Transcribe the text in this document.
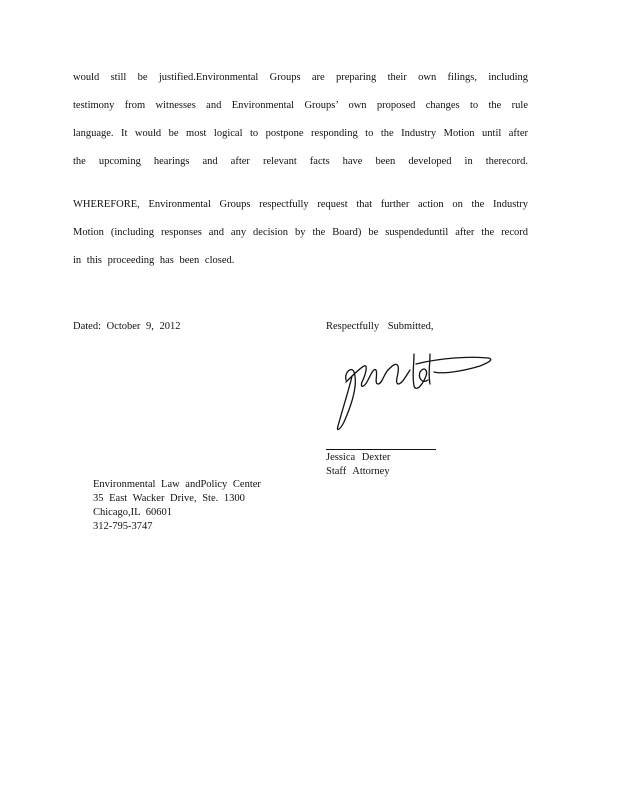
would still be justified.Environmental Groups are preparing their own filings, including
testimony from witnesses and Environmental Groups’ own proposed changes to the rule
language. It would be most logical to postpone responding to the Industry Motion until after
the upcoming hearings and after relevant facts have been developed in therecord.
WHEREFORE, Environmental Groups respectfully request that further action on the Industry
Motion (including responses and any decision by the Board) be suspendeduntil after the record
in this proceeding has been closed.
Dated: October 9, 2012	Respectfully Submitted,
Jessica Dexter
Staff Attorney
Environmental Law andPolicy Center
35 East Wacker Drive, Ste. 1300
Chicago,IL 60601
312-795-3747
